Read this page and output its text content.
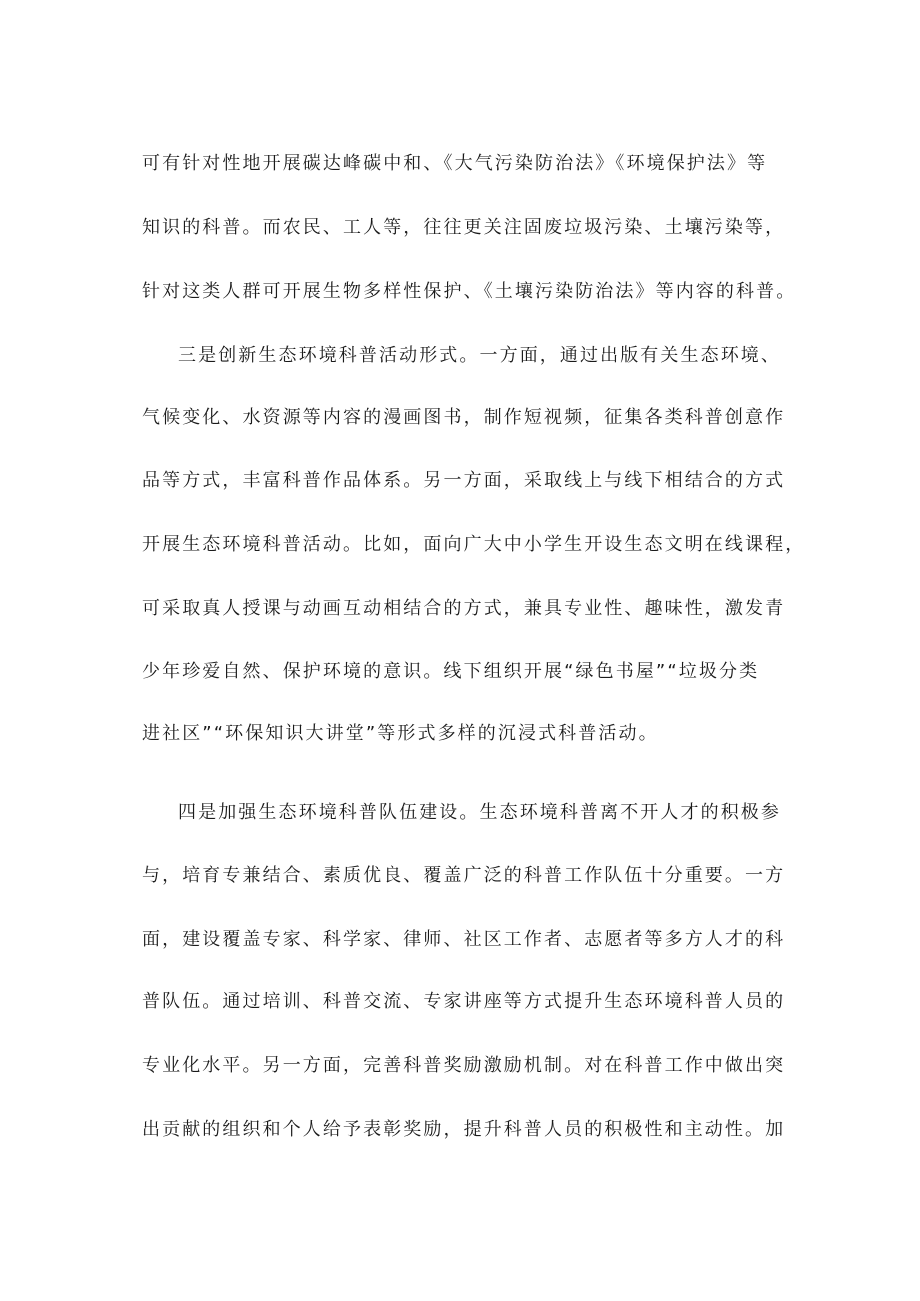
可有针对性地开展碳达峰碳中和、《大气污染防治法》《环境保护法》等

知识的科普。而农民、工人等，往往更关注固废垃圾污染、土壤污染等，

针对这类人群可开展生物多样性保护、《土壤污染防治法》等内容的科普。

三是创新生态环境科普活动形式。一方面，通过出版有关生态环境、

气候变化、水资源等内容的漫画图书，制作短视频，征集各类科普创意作

品等方式，丰富科普作品体系。另一方面，采取线上与线下相结合的方式

开展生态环境科普活动。比如，面向广大中小学生开设生态文明在线课程，

可采取真人授课与动画互动相结合的方式，兼具专业性、趣味性，激发青

少年珍爱自然、保护环境的意识。线下组织开展“绿色书屋”“垃圾分类

进社区”“环保知识大讲堂”等形式多样的沉浸式科普活动。

四是加强生态环境科普队伍建设。生态环境科普离不开人才的积极参

与，培育专兼结合、素质优良、覆盖广泛的科普工作队伍十分重要。一方

面，建设覆盖专家、科学家、律师、社区工作者、志愿者等多方人才的科

普队伍。通过培训、科普交流、专家讲座等方式提升生态环境科普人员的

专业化水平。另一方面，完善科普奖励激励机制。对在科普工作中做出突

出贡献的组织和个人给予表彰奖励，提升科普人员的积极性和主动性。加
